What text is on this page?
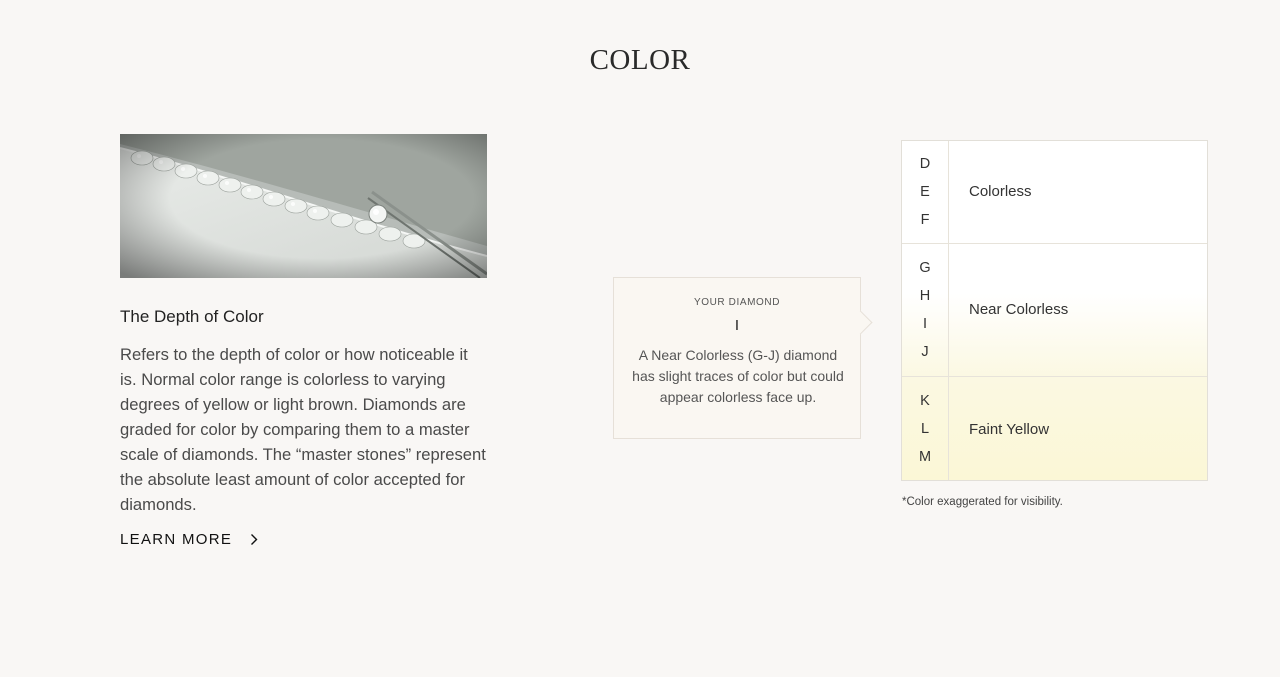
COLOR
The Depth of Color

Refers to the depth of color or how noticeable it is. Normal color range is colorless to varying degrees of yellow or light brown. Diamonds are graded for color by comparing them to a master scale of diamonds. The “master stones” represent the absolute least amount of color accepted for diamonds.

LEARN MORE
YOUR DIAMOND
I
A Near Colorless (G-J) diamond has slight traces of color but could appear colorless face up.
D
E
F
Colorless
G
H
I
J
Near Colorless
K
L
M
Faint Yellow
*Color exaggerated for visibility.
